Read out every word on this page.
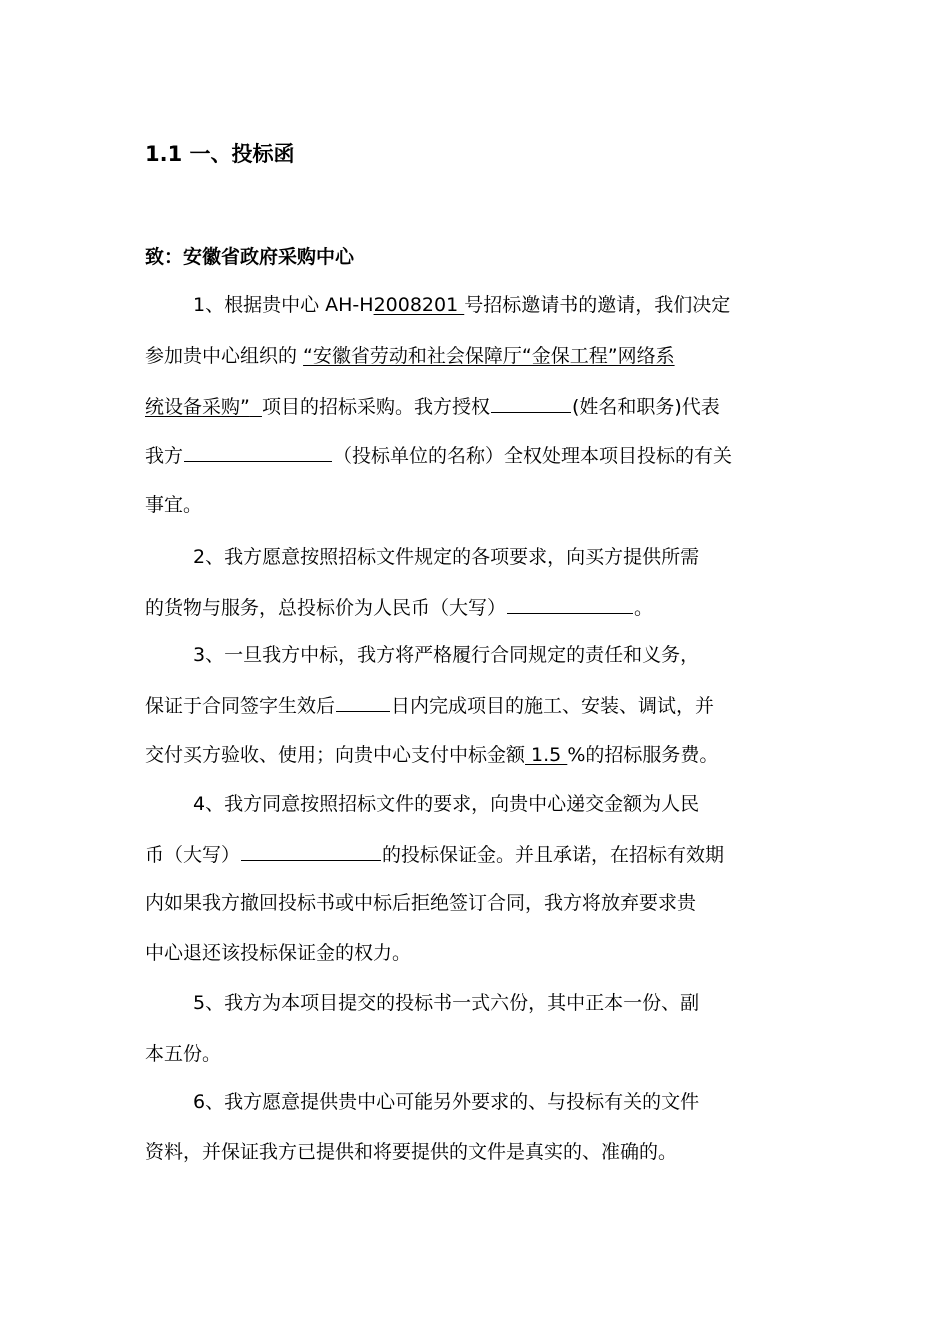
1.1 一、投标函
致：安徽省政府采购中心
1、根据贵中心 AH-H2008201 号招标邀请书的邀请，我们决定
参加贵中心组织的 “安徽省劳动和社会保障厅“金保工程”网络系
统设备采购” 项目的招标采购。我方授权	(姓名和职务)代表
我方	（投标单位的名称）全权处理本项目投标的有关
事宜。
2、我方愿意按照招标文件规定的各项要求，向买方提供所需
的货物与服务，总投标价为人民币（大写）	。
3、一旦我方中标，我方将严格履行合同规定的责任和义务，
保证于合同签字生效后	日内完成项目的施工、安装、调试，并
交付买方验收、使用；向贵中心支付中标金额 1.5 %的招标服务费。
4、我方同意按照招标文件的要求，向贵中心递交金额为人民
币（大写）	的投标保证金。并且承诺，在招标有效期
内如果我方撤回投标书或中标后拒绝签订合同，我方将放弃要求贵
中心退还该投标保证金的权力。
5、我方为本项目提交的投标书一式六份，其中正本一份、副
本五份。
6、我方愿意提供贵中心可能另外要求的、与投标有关的文件
资料，并保证我方已提供和将要提供的文件是真实的、准确的。
